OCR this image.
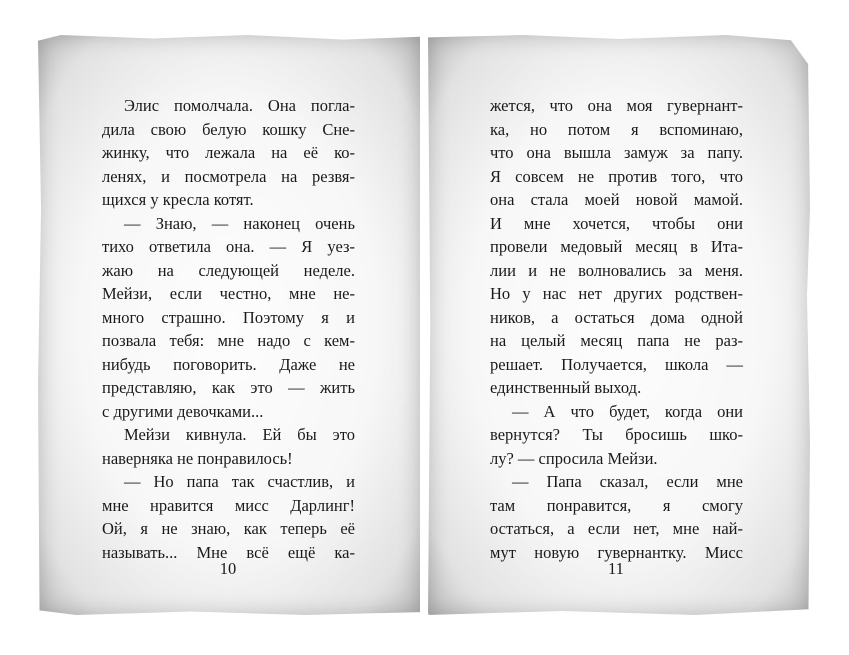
Элис помолчала. Она погла-
дила свою белую кошку Сне-
жинку, что лежала на её ко-
ленях, и посмотрела на резвя-
щихся у кресла котят.
— Знаю, — наконец очень
тихо ответила она. — Я уез-
жаю на следующей неделе.
Мейзи, если честно, мне не-
много страшно. Поэтому я и
позвала тебя: мне надо с кем-
нибудь поговорить. Даже не
представляю, как это — жить
с другими девочками...
Мейзи кивнула. Ей бы это
наверняка не понравилось!
— Но папа так счастлив, и
мне нравится мисс Дарлинг!
Ой, я не знаю, как теперь её
называть... Мне всё ещё ка-
жется, что она моя гувернант-
ка, но потом я вспоминаю,
что она вышла замуж за папу.
Я совсем не против того, что
она стала моей новой мамой.
И мне хочется, чтобы они
провели медовый месяц в Ита-
лии и не волновались за меня.
Но у нас нет других родствен-
ников, а остаться дома одной
на целый месяц папа не раз-
решает. Получается, школа —
единственный выход.
— А что будет, когда они
вернутся? Ты бросишь шко-
лу? — спросила Мейзи.
— Папа сказал, если мне
там понравится, я смогу
остаться, а если нет, мне най-
мут новую гувернантку. Мисс
10	11
